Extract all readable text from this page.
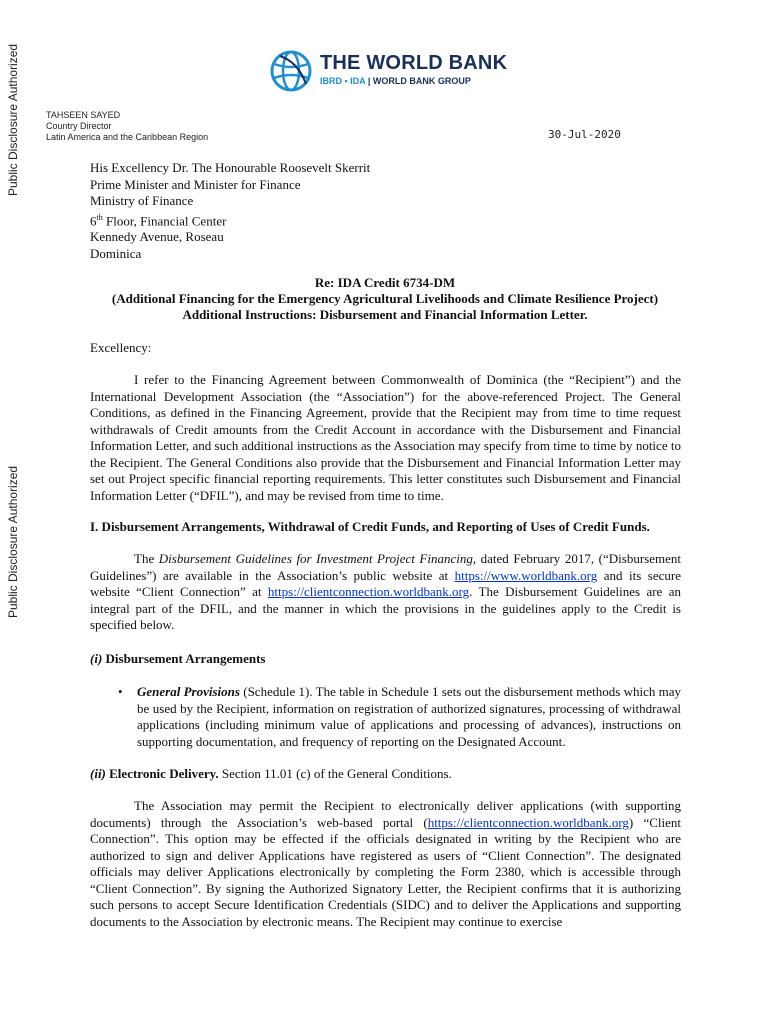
Public Disclosure Authorized
Public Disclosure Authorized
THE WORLD BANK
IBRD • IDA | WORLD BANK GROUP
TAHSEEN SAYED
Country Director
Latin America and the Caribbean Region	30-Jul-2020
His Excellency Dr. The Honourable Roosevelt Skerrit
Prime Minister and Minister for Finance
Ministry of Finance
6th Floor, Financial Center
Kennedy Avenue, Roseau
Dominica
Re: IDA Credit 6734-DM
(Additional Financing for the Emergency Agricultural Livelihoods and Climate Resilience Project)
Additional Instructions: Disbursement and Financial Information Letter.
Excellency:
I refer to the Financing Agreement between Commonwealth of Dominica (the “Recipient”) and the International Development Association (the “Association”) for the above-referenced Project. The General Conditions, as defined in the Financing Agreement, provide that the Recipient may from time to time request withdrawals of Credit amounts from the Credit Account in accordance with the Disbursement and Financial Information Letter, and such additional instructions as the Association may specify from time to time by notice to the Recipient. The General Conditions also provide that the Disbursement and Financial Information Letter may set out Project specific financial reporting requirements. This letter constitutes such Disbursement and Financial Information Letter (“DFIL”), and may be revised from time to time.
I. Disbursement Arrangements, Withdrawal of Credit Funds, and Reporting of Uses of Credit Funds.
The Disbursement Guidelines for Investment Project Financing, dated February 2017, (“Disbursement Guidelines”) are available in the Association’s public website at https://www.worldbank.org and its secure website “Client Connection” at https://clientconnection.worldbank.org. The Disbursement Guidelines are an integral part of the DFIL, and the manner in which the provisions in the guidelines apply to the Credit is specified below.
(i) Disbursement Arrangements
• General Provisions (Schedule 1). The table in Schedule 1 sets out the disbursement methods which may be used by the Recipient, information on registration of authorized signatures, processing of withdrawal applications (including minimum value of applications and processing of advances), instructions on supporting documentation, and frequency of reporting on the Designated Account.
(ii) Electronic Delivery. Section 11.01 (c) of the General Conditions.
The Association may permit the Recipient to electronically deliver applications (with supporting documents) through the Association’s web-based portal (https://clientconnection.worldbank.org) “Client Connection”. This option may be effected if the officials designated in writing by the Recipient who are authorized to sign and deliver Applications have registered as users of “Client Connection”. The designated officials may deliver Applications electronically by completing the Form 2380, which is accessible through “Client Connection”. By signing the Authorized Signatory Letter, the Recipient confirms that it is authorizing such persons to accept Secure Identification Credentials (SIDC) and to deliver the Applications and supporting documents to the Association by electronic means. The Recipient may continue to exercise
